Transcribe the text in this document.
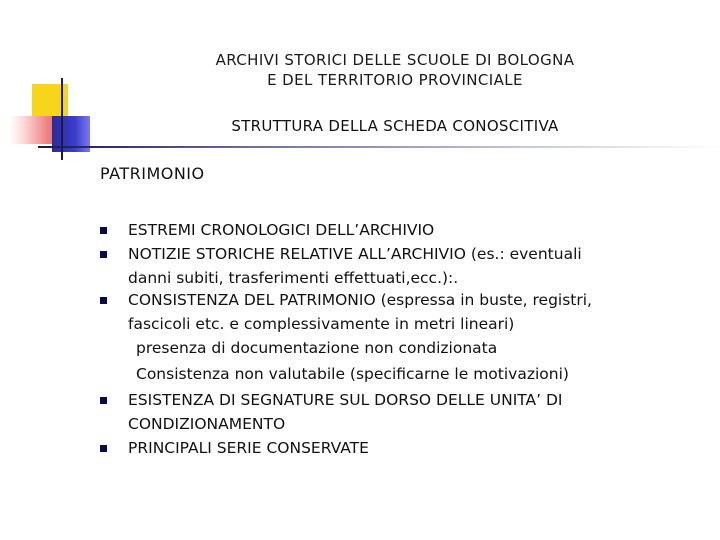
ARCHIVI STORICI DELLE SCUOLE DI BOLOGNA
E DEL TERRITORIO PROVINCIALE
STRUTTURA DELLA SCHEDA CONOSCITIVA
PATRIMONIO
ESTREMI CRONOLOGICI DELL’ARCHIVIO
NOTIZIE STORICHE RELATIVE ALL’ARCHIVIO (es.: eventuali
danni subiti, trasferimenti effettuati,ecc.):.
CONSISTENZA DEL PATRIMONIO (espressa in buste, registri,
fascicoli etc. e complessivamente in metri lineari)
presenza di documentazione non condizionata
Consistenza non valutabile (specificarne le motivazioni)
ESISTENZA DI SEGNATURE SUL DORSO DELLE UNITA’ DI
CONDIZIONAMENTO
PRINCIPALI SERIE CONSERVATE
